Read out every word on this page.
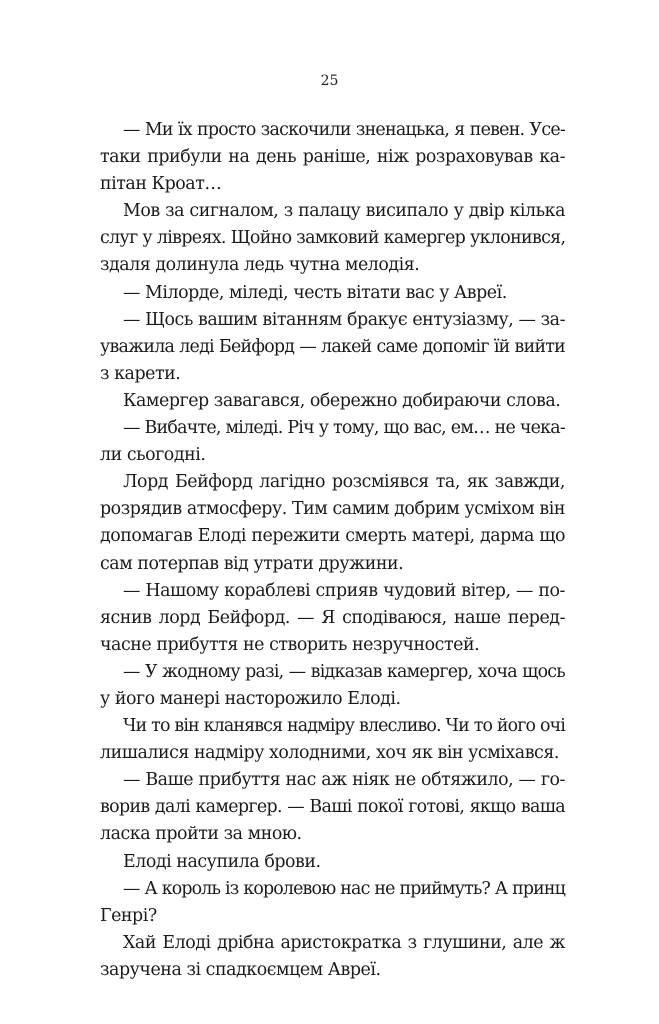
25
— Ми їх просто заскочили зненацька, я певен. Усе-
таки прибули на день раніше, ніж розраховував ка-
пітан Кроат…
Мов за сигналом, з палацу висипало у двір кілька
слуг у лівреях. Щойно замковий камергер уклонився,
здаля долинула ледь чутна мелодія.
— Мілорде, міледі, честь вітати вас у Авреї.
— Щось вашим вітанням бракує ентузіазму, — за-
уважила леді Бейфорд — лакей саме допоміг їй вийти
з карети.
Камергер завагався, обережно добираючи слова.
— Вибачте, міледі. Річ у тому, що вас, ем… не чека-
ли сьогодні.
Лорд Бейфорд лагідно розсміявся та, як завжди,
розрядив атмосферу. Тим самим добрим усміхом він
допомагав Елоді пережити смерть матері, дарма що
сам потерпав від утрати дружини.
— Нашому кораблеві сприяв чудовий вітер, — по-
яснив лорд Бейфорд. — Я сподіваюся, наше перед-
часне прибуття не створить незручностей.
— У жодному разі, — відказав камергер, хоча щось
у його манері насторожило Елоді.
Чи то він кланявся надміру влесливо. Чи то його очі
лишалися надміру холодними, хоч як він усміхався.
— Ваше прибуття нас аж ніяк не обтяжило, — го-
ворив далі камергер. — Ваші покої готові, якщо ваша
ласка пройти за мною.
Елоді насупила брови.
— А король із королевою нас не приймуть? А принц
Генрі?
Хай Елоді дрібна аристократка з глушини, але ж
заручена зі спадкоємцем Авреї.
